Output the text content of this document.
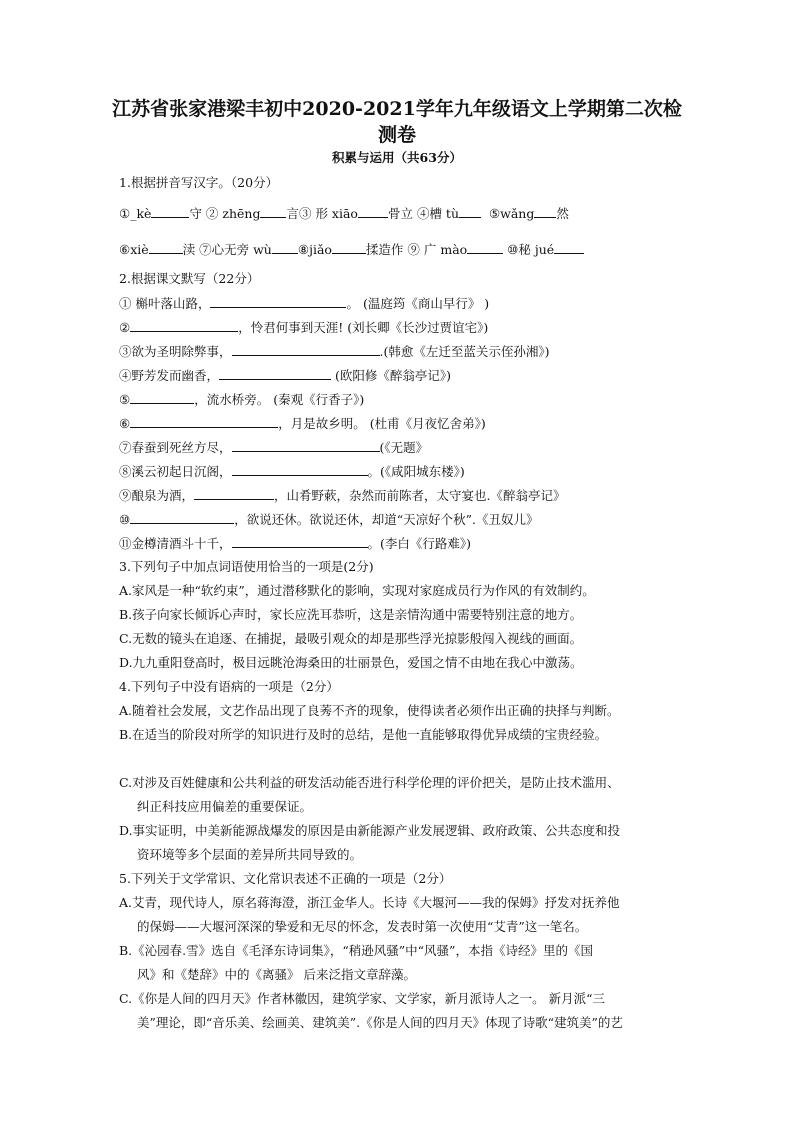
江苏省张家港梁丰初中2020-2021学年九年级语文上学期第二次检
测卷
积累与运用（共63分）
1.根据拼音写汉字。（20分）
①_kè	守 ② zhēng 言③ 形 xiāo 骨立 ④槽 tù ⑤wǎng 然
⑥xiè	渎 ⑦心无旁 wù ⑧jiǎo	揉造作 ⑨ 广 mào	⑩秘 jué
2.根据课文默写（22分）
① 槲叶落山路，	。 (温庭筠《商山早行》 )
②	，怜君何事到天涯! (刘长卿《长沙过贾谊宅》)
③欲为圣明除弊事，	.(韩愈《左迁至蓝关示侄孙湘》)
④野芳发而幽香，	(欧阳修《醉翁亭记》)
⑤	，流水桥旁。 (秦观《行香子》)
⑥	，月是故乡明。 (杜甫《月夜忆舍弟》)
⑦春蚕到死丝方尽，	(《无题》
⑧溪云初起日沉阁，	。(《咸阳城东楼》)
⑨酿泉为酒，	，山肴野蔌，杂然而前陈者，太守宴也.《醉翁亭记》
⑩	，欲说还休。欲说还休，却道“天凉好个秋”.《丑奴儿》
⑪金樽清酒斗十千，	。(李白《行路难》)
3.下列句子中加点词语使用恰当的一项是(2分)
A.家风是一种“软约束”，通过潜移默化的影响，实现对家庭成员行为作风的有效制约。
B.孩子向家长倾诉心声时，家长应洗耳恭听，这是亲情沟通中需要特别注意的地方。
C.无数的镜头在追逐、在捕捉，最吸引观众的却是那些浮光掠影般闯入视线的画面。
D.九九重阳登高时，极目远眺沧海桑田的壮丽景色，爱国之情不由地在我心中激荡。
4.下列句子中没有语病的一项是（2分）
A.随着社会发展，文艺作品出现了良莠不齐的现象，使得读者必须作出正确的抉择与判断。
B.在适当的阶段对所学的知识进行及时的总结，是他一直能够取得优异成绩的宝贵经验。
C.对涉及百姓健康和公共利益的研发活动能否进行科学伦理的评价把关，是防止技术滥用、
纠正科技应用偏差的重要保证。
D.事实证明，中美新能源战爆发的原因是由新能源产业发展逻辑、政府政策、公共态度和投
资环境等多个层面的差异所共同导致的。
5.下列关于文学常识、文化常识表述不正确的一项是（2分）
A.艾青，现代诗人，原名蒋海澄，浙江金华人。长诗《大堰河——我的保姆》抒发对抚养他
的保姆——大堰河深深的挚爱和无尽的怀念，发表时第一次使用“艾青”这一笔名。
B.《沁园春.雪》选自《毛泽东诗词集》，“稍逊风骚”中“风骚”，本指《诗经》里的《国
风》和《楚辞》中的《离骚》 后来泛指文章辞藻。
C.《你是人间的四月天》作者林徽因，建筑学家、文学家，新月派诗人之一。 新月派“三
美”理论，即“音乐美、绘画美、建筑美”.《你是人间的四月天》体现了诗歌“建筑美”的艺
